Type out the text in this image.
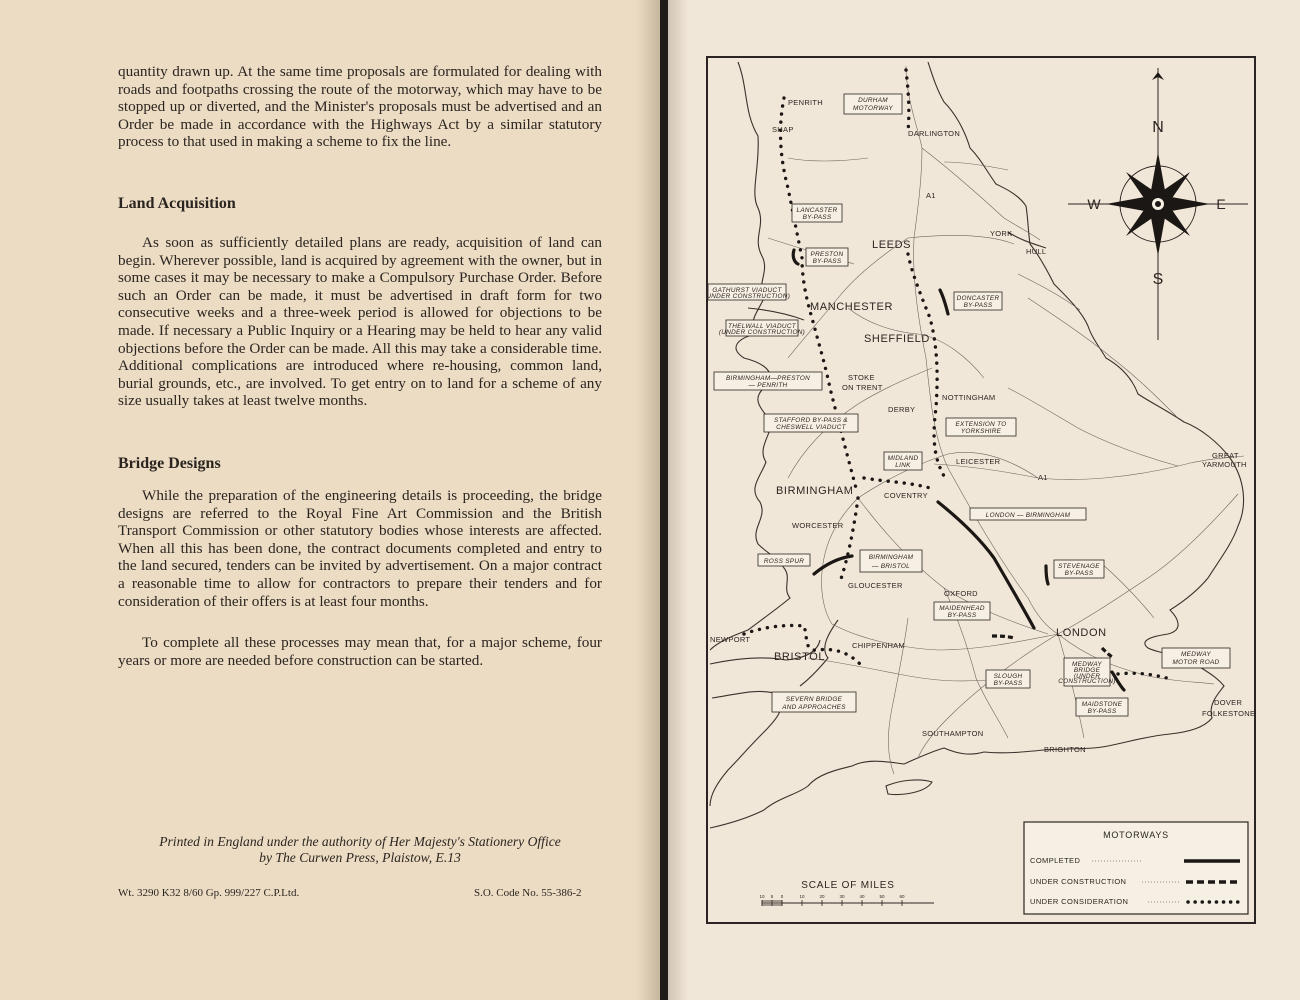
quantity drawn up. At the same time proposals are formulated for dealing with roads and footpaths crossing the route of the motorway, which may have to be stopped up or diverted, and the Minister's proposals must be advertised and an Order be made in accordance with the Highways Act by a similar statutory process to that used in making a scheme to fix the line.

Land Acquisition

As soon as sufficiently detailed plans are ready, acquisition of land can begin. Wherever possible, land is acquired by agreement with the owner, but in some cases it may be necessary to make a Compulsory Purchase Order. Before such an Order can be made, it must be advertised in draft form for two consecutive weeks and a three-week period is allowed for objections to be made. If necessary a Public Inquiry or a Hearing may be held to hear any valid objections before the Order can be made. All this may take a considerable time. Additional complications are introduced where re-housing, common land, burial grounds, etc., are involved. To get entry on to land for a scheme of any size usually takes at least twelve months.

Bridge Designs

While the preparation of the engineering details is proceeding, the bridge designs are referred to the Royal Fine Art Commission and the British Transport Commission or other statutory bodies whose interests are affected. When all this has been done, the contract documents completed and entry to the land secured, tenders can be invited by advertisement. On a major contract a reasonable time to allow for contractors to prepare their tenders and for consideration of their offers is at least four months.

To complete all these processes may mean that, for a major scheme, four years or more are needed before construction can be started.

Printed in England under the authority of Her Majesty's Stationery Office
by The Curwen Press, Plaistow, E.13
Wt. 3290 K32 8/60 Gp. 999/227 C.P.Ltd.	S.O. Code No. 55-386-2
N
S
E
W
PENRITH
SHAP	DARLINGTON
A1
YORK
HULL
LEEDS
MANCHESTER
SHEFFIELD
STOKE
ON TRENT
NOTTINGHAM
DERBY
LEICESTER
A1
GREAT
YARMOUTH
BIRMINGHAM	COVENTRY
WORCESTER
GLOUCESTER
OXFORD
NEWPORT
BRISTOL
CHIPPENHAM
LONDON
DOVER
FOLKESTONE
SOUTHAMPTON
BRIGHTON
DURHAM
MOTORWAY
LANCASTER
BY-PASS
PRESTON
BY-PASS
GATHURST VIADUCT
(UNDER CONSTRUCTION)
THELWALL VIADUCT
(UNDER CONSTRUCTION)
DONCASTER
BY-PASS
BIRMINGHAM—PRESTON
— PENRITH
STAFFORD BY-PASS &
CHESWELL VIADUCT	EXTENSION TO
YORKSHIRE
MIDLAND
LINK
LONDON — BIRMINGHAM
ROSS SPUR
BIRMINGHAM
— BRISTOL	STEVENAGE
BY-PASS
MAIDENHEAD
BY-PASS
SLOUGH
BY-PASS
MEDWAY
BRIDGE
(UNDER
CONSTRUCTION)
MEDWAY
MOTOR ROAD
MAIDSTONE
BY-PASS
SEVERN BRIDGE
AND APPROACHES
SCALE OF MILES
10 5 0	10	20	30	40	50	60
MOTORWAYS
COMPLETED
UNDER CONSTRUCTION
UNDER CONSIDERATION
